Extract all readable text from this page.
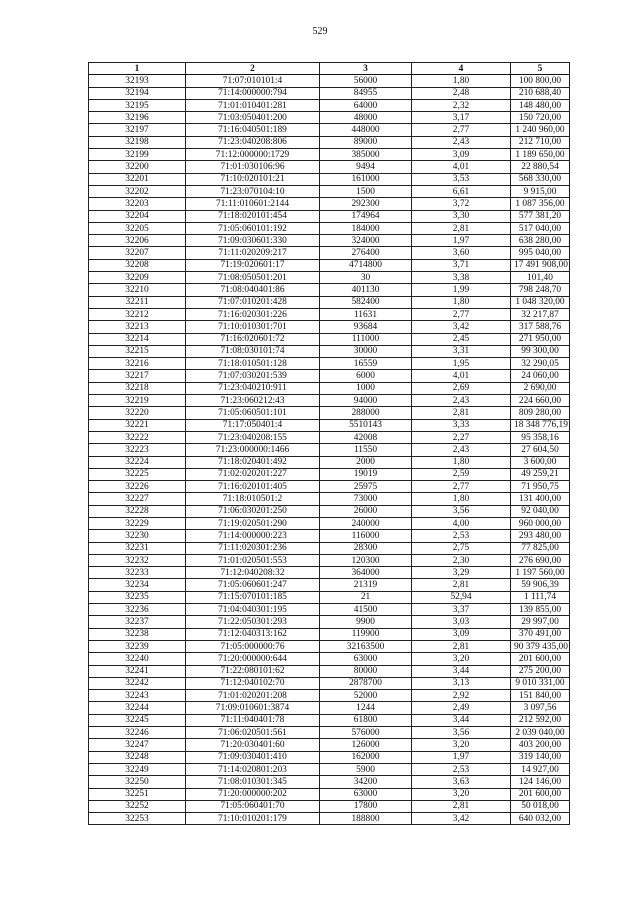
529
1	2	3	4	5
32193	71:07:010101:4	56000	1,80	100 800,00
32194	71:14:000000:794	84955	2,48	210 688,40
32195	71:01:010401:281	64000	2,32	148 480,00
32196	71:03:050401:200	48000	3,17	150 720,00
32197	71:16:040501:189	448000	2,77	1 240 960,00
32198	71:23:040208:806	89000	2,43	212 710,00
32199	71:12:000000:1729	385000	3,09	1 189 650,00
32200	71:01:030106:96	9494	4,01	22 880,54
32201	71:10:020101:21	161000	3,53	568 330,00
32202	71:23:070104:10	1500	6,61	9 915,00
32203	71:11:010601:2144	292300	3,72	1 087 356,00
32204	71:18:020101:454	174964	3,30	577 381,20
32205	71:05:060101:192	184000	2,81	517 040,00
32206	71:09:030601:330	324000	1,97	638 280,00
32207	71:11:020209:217	276400	3,60	995 040,00
32208	71:19:020601:17	4714800	3,71	17 491 908,00
32209	71:08:050501:201	30	3,38	101,40
32210	71:08:040401:86	401130	1,99	798 248,70
32211	71:07:010201:428	582400	1,80	1 048 320,00
32212	71:16:020301:226	11631	2,77	32 217,87
32213	71:10:010301:701	93684	3,42	317 588,76
32214	71:16:020601:72	111000	2,45	271 950,00
32215	71:08:030101:74	30000	3,31	99 300,00
32216	71:18:010501:128	16559	1,95	32 290,05
32217	71:07:030201:539	6000	4,01	24 060,00
32218	71:23:040210:911	1000	2,69	2 690,00
32219	71:23:060212:43	94000	2,43	224 660,00
32220	71:05:060501:101	288000	2,81	809 280,00
32221	71:17:050401:4	5510143	3,33	18 348 776,19
32222	71:23:040208:155	42008	2,27	95 358,16
32223	71:23:000000:1466	11550	2,43	27 604,50
32224	71:18:020401:492	2000	1,80	3 600,00
32225	71:02:020201:227	19019	2,59	49 259,21
32226	71:16:020101:405	25975	2,77	71 950,75
32227	71:18:010501:2	73000	1,80	131 400,00
32228	71:06:030201:250	26000	3,56	92 040,00
32229	71:19:020501:290	240000	4,00	960 000,00
32230	71:14:000000:223	116000	2,53	293 480,00
32231	71:11:020301:236	28300	2,75	77 825,00
32232	71:01:020501:553	120300	2,30	276 690,00
32233	71:12:040208:32	364000	3,29	1 197 560,00
32234	71:05:060601:247	21319	2,81	59 906,39
32235	71:15:070101:185	21	52,94	1 111,74
32236	71:04:040301:195	41500	3,37	139 855,00
32237	71:22:050301:293	9900	3,03	29 997,00
32238	71:12:040313:162	119900	3,09	370 491,00
32239	71:05:000000:76	32163500	2,81	90 379 435,00
32240	71:20:000000:644	63000	3,20	201 600,00
32241	71:22:080101:62	80000	3,44	275 200,00
32242	71:12:040102:70	2878700	3,13	9 010 331,00
32243	71:01:020201:208	52000	2,92	151 840,00
32244	71:09:010601:3874	1244	2,49	3 097,56
32245	71:11:040401:78	61800	3,44	212 592,00
32246	71:06:020501:561	576000	3,56	2 039 040,00
32247	71:20:030401:60	126000	3,20	403 200,00
32248	71:09:030401:410	162000	1,97	319 140,00
32249	71:14:020801:203	5900	2,53	14 927,00
32250	71:08:010301:345	34200	3,63	124 146,00
32251	71:20:000000:202	63000	3,20	201 600,00
32252	71:05:060401:70	17800	2,81	50 018,00
32253	71:10:010201:179	188800	3,42	640 032,00
